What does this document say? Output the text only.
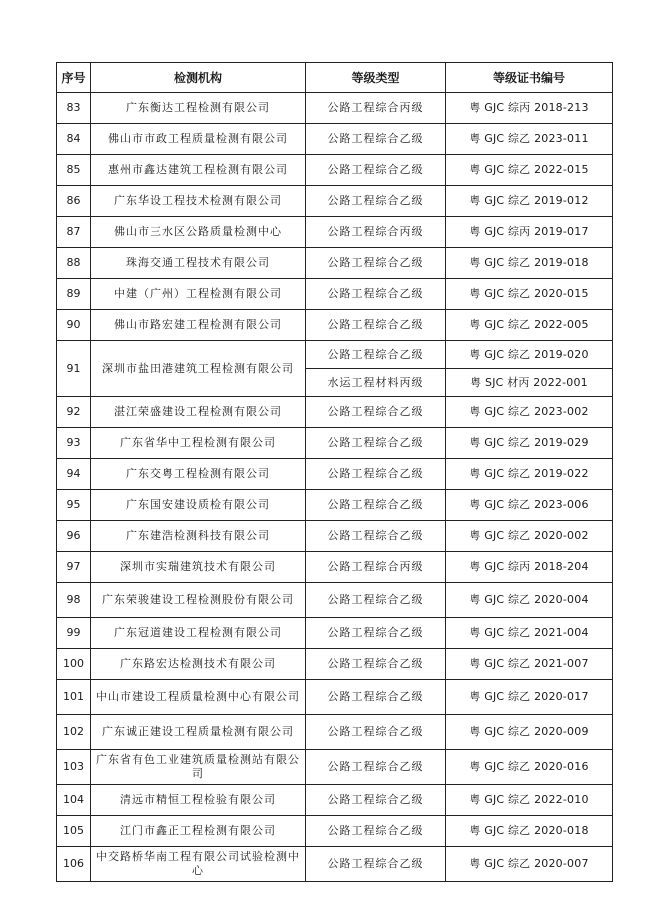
序号	检测机构	等级类型	等级证书编号
83	广东衡达工程检测有限公司	公路工程综合丙级	粤 GJC 综丙 2018-213
84	佛山市市政工程质量检测有限公司	公路工程综合乙级	粤 GJC 综乙 2023-011
85	惠州市鑫达建筑工程检测有限公司	公路工程综合乙级	粤 GJC 综乙 2022-015
86	广东华设工程技术检测有限公司	公路工程综合乙级	粤 GJC 综乙 2019-012
87	佛山市三水区公路质量检测中心	公路工程综合丙级	粤 GJC 综丙 2019-017
88	珠海交通工程技术有限公司	公路工程综合乙级	粤 GJC 综乙 2019-018
89	中建（广州）工程检测有限公司	公路工程综合乙级	粤 GJC 综乙 2020-015
90	佛山市路宏建工程检测有限公司	公路工程综合乙级	粤 GJC 综乙 2022-005
91	深圳市盐田港建筑工程检测有限公司	公路工程综合乙级	粤 GJC 综乙 2019-020
		水运工程材料丙级	粤 SJC 材丙 2022-001
92	湛江荣盛建设工程检测有限公司	公路工程综合乙级	粤 GJC 综乙 2023-002
93	广东省华中工程检测有限公司	公路工程综合乙级	粤 GJC 综乙 2019-029
94	广东交粤工程检测有限公司	公路工程综合乙级	粤 GJC 综乙 2019-022
95	广东国安建设质检有限公司	公路工程综合乙级	粤 GJC 综乙 2023-006
96	广东建浩检测科技有限公司	公路工程综合乙级	粤 GJC 综乙 2020-002
97	深圳市实瑞建筑技术有限公司	公路工程综合丙级	粤 GJC 综丙 2018-204
98	广东荣骏建设工程检测股份有限公司	公路工程综合乙级	粤 GJC 综乙 2020-004
99	广东冠道建设工程检测有限公司	公路工程综合乙级	粤 GJC 综乙 2021-004
100	广东路宏达检测技术有限公司	公路工程综合乙级	粤 GJC 综乙 2021-007
101	中山市建设工程质量检测中心有限公司	公路工程综合乙级	粤 GJC 综乙 2020-017
102	广东诚正建设工程质量检测有限公司	公路工程综合乙级	粤 GJC 综乙 2020-009
103	广东省有色工业建筑质量检测站有限公司	公路工程综合乙级	粤 GJC 综乙 2020-016
104	清远市精恒工程检验有限公司	公路工程综合乙级	粤 GJC 综乙 2022-010
105	江门市鑫正工程检测有限公司	公路工程综合乙级	粤 GJC 综乙 2020-018
106	中交路桥华南工程有限公司试验检测中心	公路工程综合乙级	粤 GJC 综乙 2020-007
